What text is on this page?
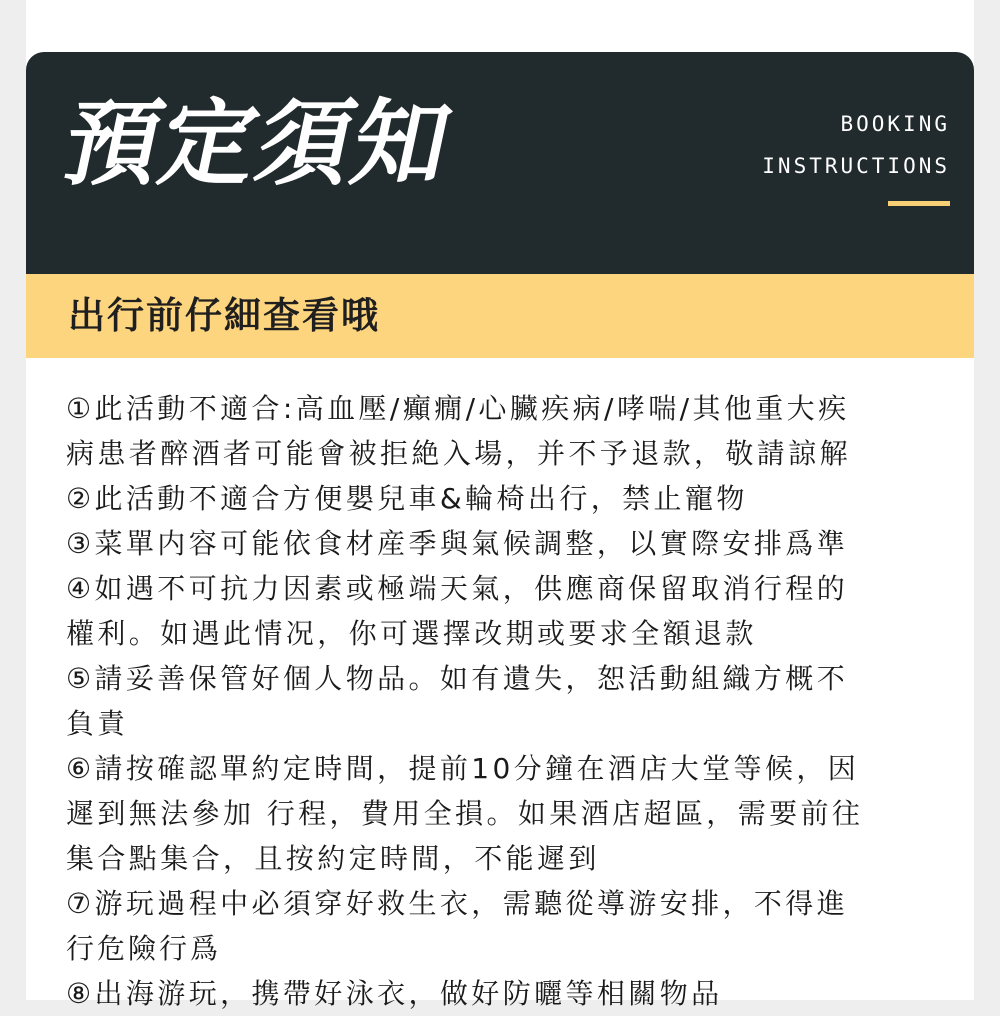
預定須知	BOOKING
INSTRUCTIONS
出行前仔細查看哦
①此活動不適合:高血壓/癲癇/心臟疾病/哮喘/其他重大疾
病患者醉酒者可能會被拒絶入場，并不予退款，敬請諒解
②此活動不適合方便嬰兒車&輪椅出行，禁止寵物
③菜單内容可能依食材産季與氣候調整，以實際安排爲準
④如遇不可抗力因素或極端天氣，供應商保留取消行程的
權利。如遇此情况，你可選擇改期或要求全額退款
⑤請妥善保管好個人物品。如有遺失，恕活動組織方概不
負責
⑥請按確認單約定時間，提前10分鐘在酒店大堂等候，因
遲到無法參加 行程，費用全損。如果酒店超區，需要前往
集合點集合，且按約定時間，不能遲到
⑦游玩過程中必須穿好救生衣，需聽從導游安排，不得進
行危險行爲
⑧出海游玩，携帶好泳衣，做好防曬等相關物品
